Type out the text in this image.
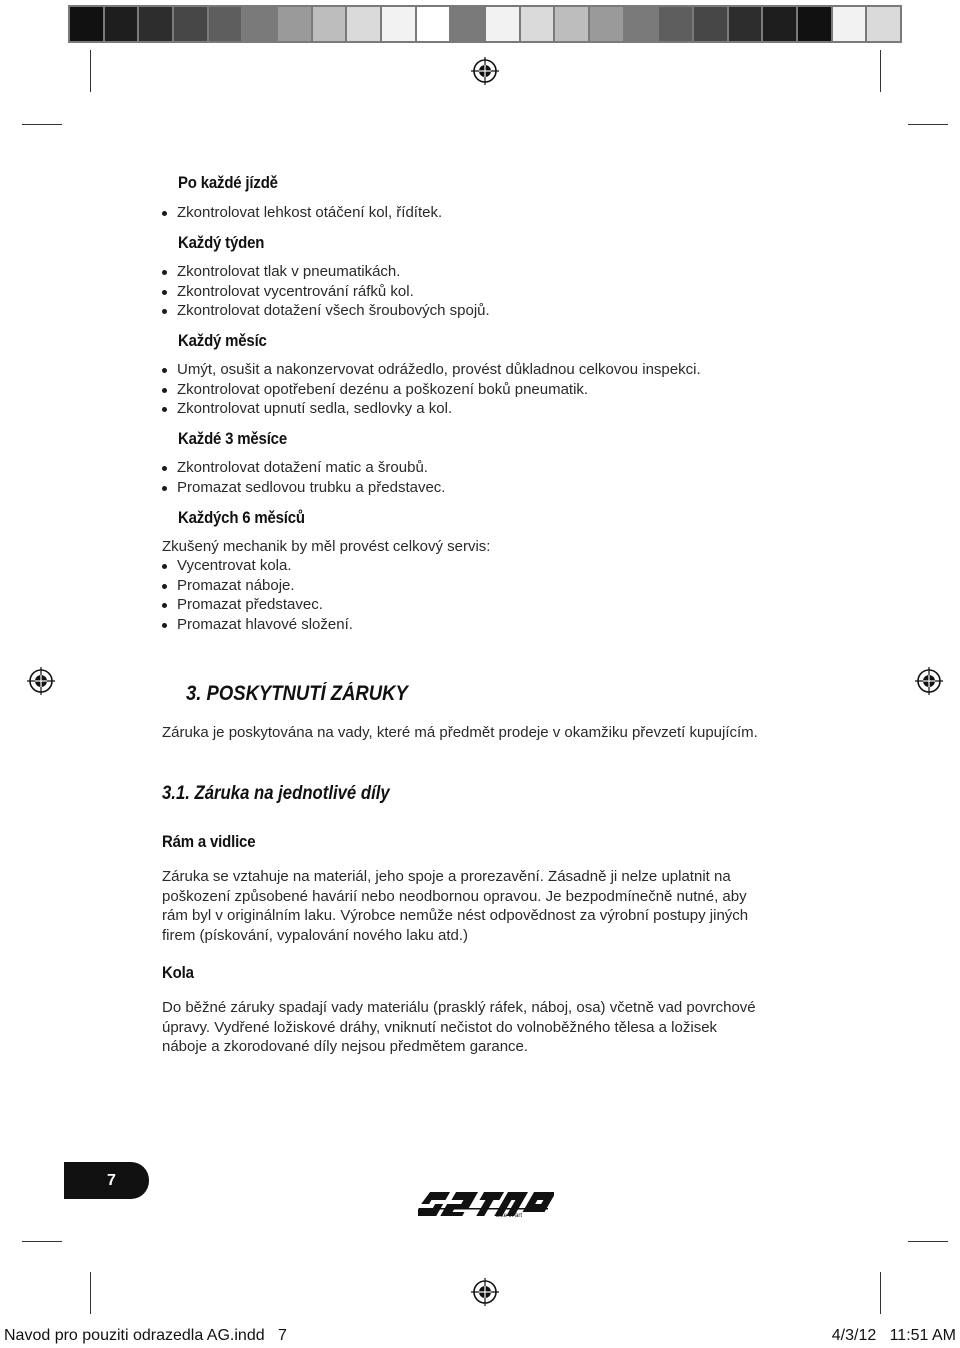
Po každé jízdě
Zkontrolovat lehkost otáčení kol, řídítek.
Každý týden
Zkontrolovat tlak v pneumatikách.
Zkontrolovat vycentrování ráfků kol.
Zkontrolovat dotažení všech šroubových spojů.
Každý měsíc
Umýt, osušit a nakonzervovat odrážedlo, provést důkladnou celkovou inspekci.
Zkontrolovat opotřebení dezénu a poškození boků pneumatik.
Zkontrolovat upnutí sedla, sedlovky a kol.
Každé 3 měsíce
Zkontrolovat dotažení matic a šroubů.
Promazat sedlovou trubku a představec.
Každých 6 měsíců

Zkušený mechanik by měl provést celkový servis:

Vycentrovat kola.
Promazat náboje.
Promazat představec.
Promazat hlavové složení.
3. POSKYTNUTÍ ZÁRUKY

Záruka je poskytována na vady, které má předmět prodeje v okamžiku převzetí kupujícím.

3.1. Záruka na jednotlivé díly
Rám a vidlice

Záruka se vztahuje na materiál, jeho spoje a prorezavění. Zásadně ji nelze uplatnit na

poškození způsobené havárií nebo neodbornou opravou. Je bezpodmínečně nutné, aby

rám byl v originálním laku. Výrobce nemůže nést odpovědnost za výrobní postupy jiných

firem (pískování, vypalování nového laku atd.)

Kola

Do běžné záruky spadají vady materiálu (prasklý ráfek, náboj, osa) včetně vad povrchové

úpravy. Vydřené ložiskové dráhy, vniknutí nečistot do volnoběžného tělesa a ložisek

náboje a zkorodované díly nejsou předmětem garance.

7
bike in art
Navod pro pouziti odrazedla AG.indd   7	4/3/12   11:51 AM
